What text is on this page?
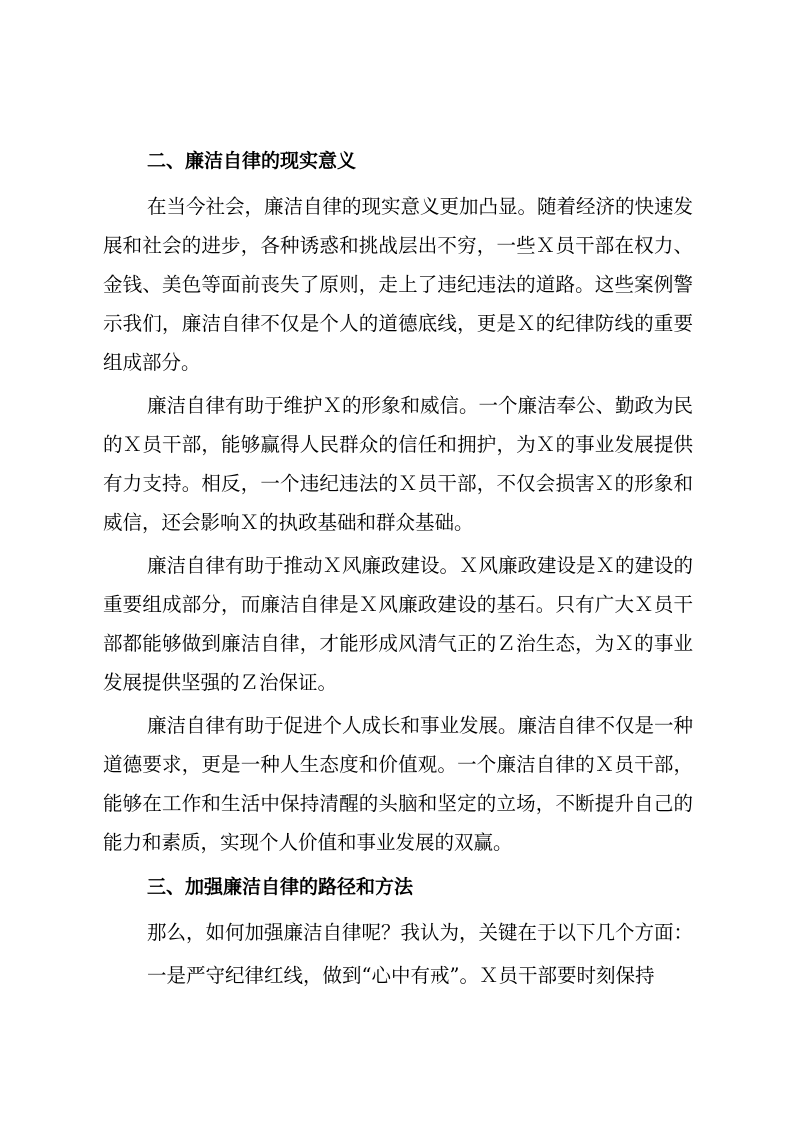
二、廉洁自律的现实意义

在当今社会，廉洁自律的现实意义更加凸显。随着经济的快速发展和社会的进步，各种诱惑和挑战层出不穷，一些Ｘ员干部在权力、金钱、美色等面前丧失了原则，走上了违纪违法的道路。这些案例警示我们，廉洁自律不仅是个人的道德底线，更是Ｘ的纪律防线的重要组成部分。

廉洁自律有助于维护Ｘ的形象和威信。一个廉洁奉公、勤政为民的Ｘ员干部，能够赢得人民群众的信任和拥护，为Ｘ的事业发展提供有力支持。相反，一个违纪违法的Ｘ员干部，不仅会损害Ｘ的形象和威信，还会影响Ｘ的执政基础和群众基础。

廉洁自律有助于推动Ｘ风廉政建设。Ｘ风廉政建设是Ｘ的建设的重要组成部分，而廉洁自律是Ｘ风廉政建设的基石。只有广大Ｘ员干部都能够做到廉洁自律，才能形成风清气正的Ｚ治生态，为Ｘ的事业发展提供坚强的Ｚ治保证。

廉洁自律有助于促进个人成长和事业发展。廉洁自律不仅是一种道德要求，更是一种人生态度和价值观。一个廉洁自律的Ｘ员干部，能够在工作和生活中保持清醒的头脑和坚定的立场，不断提升自己的能力和素质，实现个人价值和事业发展的双赢。

三、加强廉洁自律的路径和方法

那么，如何加强廉洁自律呢？我认为，关键在于以下几个方面：

一是严守纪律红线，做到“心中有戒”。Ｘ员干部要时刻保持
